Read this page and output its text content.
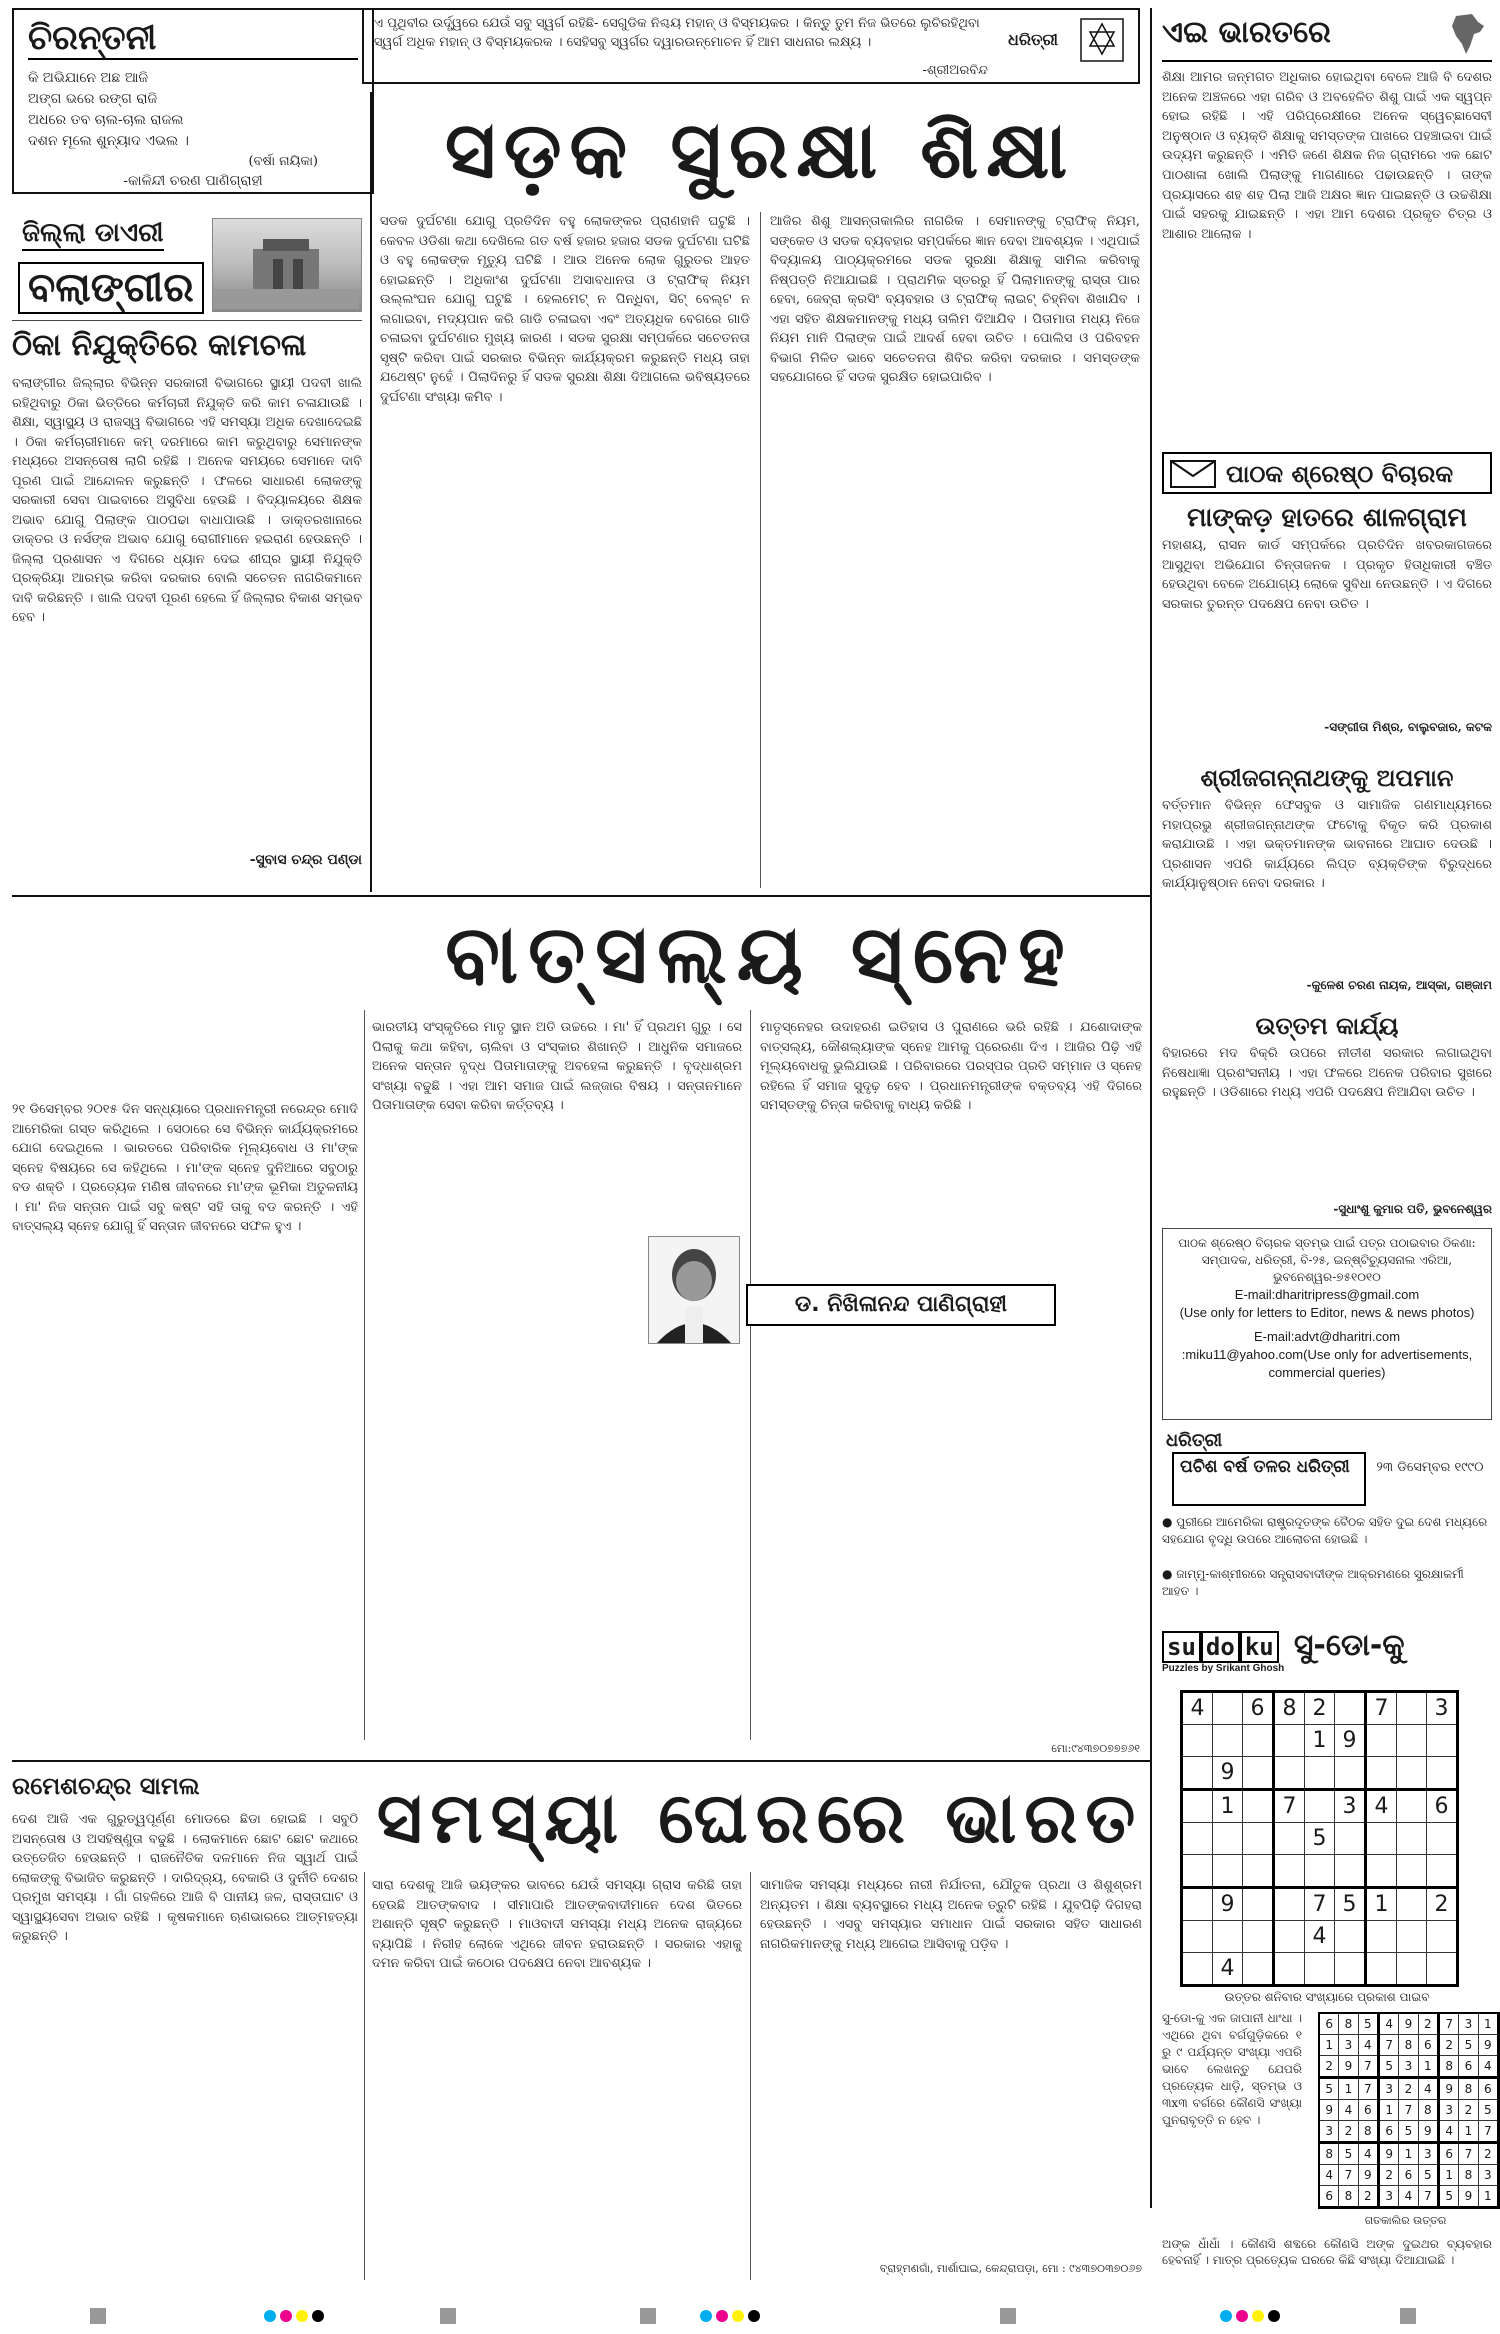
ଚିରନ୍ତନୀ
କି ଅଭିଯାନେ ଅଛ ଆଜି
ଅଙ୍ଗ ଭରେ ରଙ୍ଗ ରାଜି
ଅଧରେ ତବ ଚାଲ-ଚାଲ ରାଜଲ
ଦଶନ ମୂଲେ ଶୁନ୍ୟାଦ ଏଭଲ ।
(ବର୍ଷା ନାୟିକା)
-କାଳିନ୍ଦୀ ଚରଣ ପାଣିଗ୍ରାହୀ
ଏ ପୃଥିବୀର ଉର୍ଦ୍ଧ୍ୱରେ ଯେଉଁ ସବୁ ସ୍ୱର୍ଗ ରହିଛି- ସେଗୁଡିକ ନିଶ୍ଚୟ ମହାନ୍ ଓ ବିସ୍ମୟକର । କିନ୍ତୁ ତୁମ ନିଜ ଭିତରେ ଲୁଚିରହିଥିବା ସ୍ୱର୍ଗ ଅଧିକ ମହାନ୍ ଓ ବିସ୍ମୟକରକ । ସେହିସବୁ ସ୍ୱର୍ଗର ଦ୍ୱାରଉନ୍ମୋଚନ ହିଁ ଆମ ସାଧନାର ଲକ୍ଷ୍ୟ ।
-ଶ୍ରୀଅରବିନ୍ଦ
ଧରିତ୍ରୀ	ଏଇ ଭାରତରେ
ଶିକ୍ଷା ଆମର ଜନ୍ମଗତ ଅଧିକାର ହୋଇଥିବା ବେଳେ ଆଜି ବି ଦେଶର ଅନେକ ଅଞ୍ଚଳରେ ଏହା ଗରିବ ଓ ଅବହେଳିତ ଶିଶୁ ପାଇଁ ଏକ ସ୍ୱପ୍ନ ହୋଇ ରହିଛି । ଏହି ପରିପ୍ରେକ୍ଷୀରେ ଅନେକ ସ୍ୱେଚ୍ଛାସେବୀ ଅନୁଷ୍ଠାନ ଓ ବ୍ୟକ୍ତି ଶିକ୍ଷାକୁ ସମସ୍ତଙ୍କ ପାଖରେ ପହଞ୍ଚାଇବା ପାଇଁ ଉଦ୍ୟମ କରୁଛନ୍ତି । ଏମିତି ଜଣେ ଶିକ୍ଷକ ନିଜ ଗ୍ରାମରେ ଏକ ଛୋଟ ପାଠଶାଳା ଖୋଲି ପିଲାଙ୍କୁ ମାଗଣାରେ ପଢାଉଛନ୍ତି । ତାଙ୍କ ପ୍ରୟାସରେ ଶହ ଶହ ପିଲା ଆଜି ଅକ୍ଷର ଜ୍ଞାନ ପାଇଛନ୍ତି ଓ ଉଚ୍ଚଶିକ୍ଷା ପାଇଁ ସହରକୁ ଯାଇଛନ୍ତି । ଏହା ଆମ ଦେଶର ପ୍ରକୃତ ଚିତ୍ର ଓ ଆଶାର ଆଲୋକ ।
ଜିଲ୍ଲା ଡାଏରୀ
ବଲାଙ୍ଗୀର
ଠିକା ନିଯୁକ୍ତିରେ କାମଚଳା
ବଲାଙ୍ଗୀର ଜିଲ୍ଲାର ବିଭିନ୍ନ ସରକାରୀ ବିଭାଗରେ ସ୍ଥାୟୀ ପଦବୀ ଖାଲି ରହିଥିବାରୁ ଠିକା ଭିତ୍ତିରେ କର୍ମଚାରୀ ନିଯୁକ୍ତି କରି କାମ ଚଳାଯାଉଛି । ଶିକ୍ଷା, ସ୍ୱାସ୍ଥ୍ୟ ଓ ରାଜସ୍ୱ ବିଭାଗରେ ଏହି ସମସ୍ୟା ଅଧିକ ଦେଖାଦେଇଛି । ଠିକା କର୍ମଚାରୀମାନେ କମ୍ ଦରମାରେ କାମ କରୁଥିବାରୁ ସେମାନଙ୍କ ମଧ୍ୟରେ ଅସନ୍ତୋଷ ଲାଗି ରହିଛି । ଅନେକ ସମୟରେ ସେମାନେ ଦାବି ପୂରଣ ପାଇଁ ଆନ୍ଦୋଳନ କରୁଛନ୍ତି । ଫଳରେ ସାଧାରଣ ଲୋକଙ୍କୁ ସରକାରୀ ସେବା ପାଇବାରେ ଅସୁବିଧା ହେଉଛି । ବିଦ୍ୟାଳୟରେ ଶିକ୍ଷକ ଅଭାବ ଯୋଗୁ ପିଲାଙ୍କ ପାଠପଢା ବାଧାପାଉଛି । ଡାକ୍ତରଖାନାରେ ଡାକ୍ତର ଓ ନର୍ସଙ୍କ ଅଭାବ ଯୋଗୁ ରୋଗୀମାନେ ହଇରାଣ ହେଉଛନ୍ତି । ଜିଲ୍ଲା ପ୍ରଶାସନ ଏ ଦିଗରେ ଧ୍ୟାନ ଦେଇ ଶୀଘ୍ର ସ୍ଥାୟୀ ନିଯୁକ୍ତି ପ୍ରକ୍ରିୟା ଆରମ୍ଭ କରିବା ଦରକାର ବୋଲି ସଚେତନ ନାଗରିକମାନେ ଦାବି କରିଛନ୍ତି । ଖାଲି ପଦବୀ ପୂରଣ ହେଲେ ହିଁ ଜିଲ୍ଲାର ବିକାଶ ସମ୍ଭବ ହେବ ।
-ସୁବାସ ଚନ୍ଦ୍ର ପଣ୍ଡା
ସଡ଼କ ସୁରକ୍ଷା ଶିକ୍ଷା
ସଡକ ଦୁର୍ଘଟଣା ଯୋଗୁ ପ୍ରତିଦିନ ବହୁ ଲୋକଙ୍କର ପ୍ରାଣହାନି ଘଟୁଛି । କେବଳ ଓଡିଶା କଥା ଦେଖିଲେ ଗତ ବର୍ଷ ହଜାର ହଜାର ସଡକ ଦୁର୍ଘଟଣା ଘଟିଛି ଓ ବହୁ ଲୋକଙ୍କ ମୃତ୍ୟୁ ଘଟିଛି । ଆଉ ଅନେକ ଲୋକ ଗୁରୁତର ଆହତ ହୋଇଛନ୍ତି । ଅଧିକାଂଶ ଦୁର୍ଘଟଣା ଅସାବଧାନତା ଓ ଟ୍ରାଫିକ୍ ନିୟମ ଉଲ୍ଲଂଘନ ଯୋଗୁ ଘଟୁଛି । ହେଲମେଟ୍ ନ ପିନ୍ଧିବା, ସିଟ୍ ବେଲ୍ଟ ନ ଲଗାଇବା, ମଦ୍ୟପାନ କରି ଗାଡି ଚଳାଇବା ଏବଂ ଅତ୍ୟଧିକ ବେଗରେ ଗାଡି ଚଳାଇବା ଦୁର୍ଘଟଣାର ମୁଖ୍ୟ କାରଣ । ସଡକ ସୁରକ୍ଷା ସମ୍ପର୍କରେ ସଚେତନତା ସୃଷ୍ଟି କରିବା ପାଇଁ ସରକାର ବିଭିନ୍ନ କାର୍ଯ୍ୟକ୍ରମ କରୁଛନ୍ତି ମଧ୍ୟ ତାହା ଯଥେଷ୍ଟ ନୁହେଁ । ପିଲାଦିନରୁ ହିଁ ସଡକ ସୁରକ୍ଷା ଶିକ୍ଷା ଦିଆଗଲେ ଭବିଷ୍ୟତରେ ଦୁର୍ଘଟଣା ସଂଖ୍ୟା କମିବ ।
ଆଜିର ଶିଶୁ ଆସନ୍ତାକାଲିର ନାଗରିକ । ସେମାନଙ୍କୁ ଟ୍ରାଫିକ୍ ନିୟମ, ସଙ୍କେତ ଓ ସଡକ ବ୍ୟବହାର ସମ୍ପର୍କରେ ଜ୍ଞାନ ଦେବା ଆବଶ୍ୟକ । ଏଥିପାଇଁ ବିଦ୍ୟାଳୟ ପାଠ୍ୟକ୍ରମରେ ସଡକ ସୁରକ୍ଷା ଶିକ୍ଷାକୁ ସାମିଲ କରିବାକୁ ନିଷ୍ପତ୍ତି ନିଆଯାଇଛି । ପ୍ରାଥମିକ ସ୍ତରରୁ ହିଁ ପିଲାମାନଙ୍କୁ ରାସ୍ତା ପାର ହେବା, ଜେବ୍ରା କ୍ରସିଂ ବ୍ୟବହାର ଓ ଟ୍ରାଫିକ୍ ଲାଇଟ୍ ଚିହ୍ନିବା ଶିଖାଯିବ । ଏହା ସହିତ ଶିକ୍ଷକମାନଙ୍କୁ ମଧ୍ୟ ତାଲିମ ଦିଆଯିବ । ପିତାମାତା ମଧ୍ୟ ନିଜେ ନିୟମ ମାନି ପିଲାଙ୍କ ପାଇଁ ଆଦର୍ଶ ହେବା ଉଚିତ । ପୋଲିସ ଓ ପରିବହନ ବିଭାଗ ମିଳିତ ଭାବେ ସଚେତନତା ଶିବିର କରିବା ଦରକାର । ସମସ୍ତଙ୍କ ସହଯୋଗରେ ହିଁ ସଡକ ସୁରକ୍ଷିତ ହୋଇପାରିବ ।
ପାଠକ ଶ୍ରେଷ୍ଠ ବିଚାରକ
ମାଙ୍କଡ଼ ହାତରେ ଶାଳଗ୍ରାମ
ମହାଶୟ, ରାସନ କାର୍ଡ ସମ୍ପର୍କରେ ପ୍ରତିଦିନ ଖବରକାଗଜରେ ଆସୁଥିବା ଅଭିଯୋଗ ଚିନ୍ତାଜନକ । ପ୍ରକୃତ ହିତାଧିକାରୀ ବଞ୍ଚିତ ହେଉଥିବା ବେଳେ ଅଯୋଗ୍ୟ ଲୋକେ ସୁବିଧା ନେଉଛନ୍ତି । ଏ ଦିଗରେ ସରକାର ତୁରନ୍ତ ପଦକ୍ଷେପ ନେବା ଉଚିତ ।
-ସଙ୍ଗୀତା ମିଶ୍ର, ବାଲୁବଜାର, କଟକ
ଶ୍ରୀଜଗନ୍ନାଥଙ୍କୁ ଅପମାନ
ବର୍ତ୍ତମାନ ବିଭିନ୍ନ ଫେସବୁକ ଓ ସାମାଜିକ ଗଣମାଧ୍ୟମରେ ମହାପ୍ରଭୁ ଶ୍ରୀଜଗନ୍ନାଥଙ୍କ ଫଟୋକୁ ବିକୃତ କରି ପ୍ରକାଶ କରାଯାଉଛି । ଏହା ଭକ୍ତମାନଙ୍କ ଭାବନାରେ ଆଘାତ ଦେଉଛି । ପ୍ରଶାସନ ଏପରି କାର୍ଯ୍ୟରେ ଲିପ୍ତ ବ୍ୟକ୍ତିଙ୍କ ବିରୁଦ୍ଧରେ କାର୍ଯ୍ୟାନୁଷ୍ଠାନ ନେବା ଦରକାର ।
-କୁଳେଶ ଚରଣ ନାୟକ, ଆସ୍କା, ଗଞ୍ଜାମ
ଉତ୍ତମ କାର୍ଯ୍ୟ
ବିହାରରେ ମଦ ବିକ୍ରି ଉପରେ ନୀତୀଶ ସରକାର ଲଗାଇଥିବା ନିଷେଧାଜ୍ଞା ପ୍ରଶଂସନୀୟ । ଏହା ଫଳରେ ଅନେକ ପରିବାର ସୁଖରେ ରହୁଛନ୍ତି । ଓଡିଶାରେ ମଧ୍ୟ ଏପରି ପଦକ୍ଷେପ ନିଆଯିବା ଉଚିତ ।
-ସୁଧାଂଶୁ କୁମାର ପତି, ଭୁବନେଶ୍ୱର
ପାଠକ ଶ୍ରେଷ୍ଠ ବିଚାରକ ସ୍ତମ୍ଭ ପାଇଁ ପତ୍ର ପଠାଇବାର ଠିକଣା:
ସମ୍ପାଦକ, ଧରିତ୍ରୀ, ବି-୨୫, ଇନ୍‌ଷ୍ଟିଚ୍ୟୁସନାଲ ଏରିଆ, ଭୁବନେଶ୍ୱର-୭୫୧୦୧୦
E-mail:dharitripress@gmail.com
(Use only for letters to Editor, news & news photos)
E-mail:advt@dharitri.com
:miku11@yahoo.com(Use only for advertisements, commercial queries)
ଧରିତ୍ରୀ
ପଚିଶ ବର୍ଷ ତଳର ଧରିତ୍ରୀ	୨୩ ଡିସେମ୍ବର ୧୯୯୦
● ପୁରୀରେ ଆମେରିକା ରାଷ୍ଟ୍ରଦୂତଙ୍କ ବୈଠକ ସହିତ ଦୁଇ ଦେଶ ମଧ୍ୟରେ ସହଯୋଗ ବୃଦ୍ଧି ଉପରେ ଆଲୋଚନା ହୋଇଛି ।
● ଜାମ୍ମୁ-କାଶ୍ମୀରରେ ସନ୍ତ୍ରାସବାଦୀଙ୍କ ଆକ୍ରମଣରେ ସୁରକ୍ଷାକର୍ମୀ ଆହତ ।
su do ku ସୁ-ଡୋ-କୁ
Puzzles by Srikant Ghosh
4		6	8	2		7		3
				1	9			
	9							
	1		7		3	4		6
				5				

	9			7	5	1		2
				4				
	4							
ଉତ୍ତର ଶନିବାର ସଂଖ୍ୟାରେ ପ୍ରକାଶ ପାଇବ
ସୁ-ଡୋ-କୁ ଏକ ଜାପାନୀ ଧାଂଧା । ଏଥିରେ ଥିବା ବର୍ଗଗୁଡ଼ିକରେ ୧ ରୁ ୯ ପର୍ଯ୍ୟନ୍ତ ସଂଖ୍ୟା ଏପରି ଭାବେ ଲେଖନ୍ତୁ ଯେପରି ପ୍ରତ୍ୟେକ ଧାଡ଼ି, ସ୍ତମ୍ଭ ଓ ୩x୩ ବର୍ଗରେ କୌଣସି ସଂଖ୍ୟା ପୁନରାବୃତ୍ତି ନ ହେବ ।
6	8	5	4	9	2	7	3	1
1	3	4	7	8	6	2	5	9
2	9	7	5	3	1	8	6	4
5	1	7	3	2	4	9	8	6
9	4	6	1	7	8	3	2	5
3	2	8	6	5	9	4	1	7
8	5	4	9	1	3	6	7	2
4	7	9	2	6	5	1	8	3
6	8	2	3	4	7	5	9	1
ଗତକାଲିର ଉତ୍ତର
ଅଙ୍କ ଧାଁଧାଁ । କୌଣସି ଶବ୍ଦରେ କୌଣସି ଅଙ୍କ ଦୁଇଥର ବ୍ୟବହାର ହେବନାହିଁ । ମାତ୍ର ପ୍ରତ୍ୟେକ ଘରରେ କିଛି ସଂଖ୍ୟା ଦିଆଯାଇଛି ।
ବାତ୍ସଲ୍ୟ ସ୍ନେହ
୨୧ ଡିସେମ୍ବର ୨୦୧୫ ଦିନ ସନ୍ଧ୍ୟାରେ ପ୍ରଧାନମନ୍ତ୍ରୀ ନରେନ୍ଦ୍ର ମୋଦି ଆମେରିକା ଗସ୍ତ କରିଥିଲେ । ସେଠାରେ ସେ ବିଭିନ୍ନ କାର୍ଯ୍ୟକ୍ରମରେ ଯୋଗ ଦେଇଥିଲେ । ଭାରତରେ ପରିବାରିକ ମୂଲ୍ୟବୋଧ ଓ ମା'ଙ୍କ ସ୍ନେହ ବିଷୟରେ ସେ କହିଥିଲେ । ମା'ଙ୍କ ସ୍ନେହ ଦୁନିଆରେ ସବୁଠାରୁ ବଡ ଶକ୍ତି । ପ୍ରତ୍ୟେକ ମଣିଷ ଜୀବନରେ ମା'ଙ୍କ ଭୂମିକା ଅତୁଳନୀୟ । ମା' ନିଜ ସନ୍ତାନ ପାଇଁ ସବୁ କଷ୍ଟ ସହି ତାକୁ ବଡ କରନ୍ତି । ଏହି ବାତ୍ସଲ୍ୟ ସ୍ନେହ ଯୋଗୁ ହିଁ ସନ୍ତାନ ଜୀବନରେ ସଫଳ ହୁଏ ।
ଭାରତୀୟ ସଂସ୍କୃତିରେ ମାତୃ ସ୍ଥାନ ଅତି ଉଚ୍ଚରେ । ମା' ହିଁ ପ୍ରଥମ ଗୁରୁ । ସେ ପିଲାକୁ କଥା କହିବା, ଚାଲିବା ଓ ସଂସ୍କାର ଶିଖାନ୍ତି । ଆଧୁନିକ ସମାଜରେ ଅନେକ ସନ୍ତାନ ବୃଦ୍ଧ ପିତାମାତାଙ୍କୁ ଅବହେଳା କରୁଛନ୍ତି । ବୃଦ୍ଧାଶ୍ରମ ସଂଖ୍ୟା ବଢୁଛି । ଏହା ଆମ ସମାଜ ପାଇଁ ଲଜ୍ଜାର ବିଷୟ । ସନ୍ତାନମାନେ ପିତାମାତାଙ୍କ ସେବା କରିବା କର୍ତ୍ତବ୍ୟ ।
ମାତୃସ୍ନେହର ଉଦାହରଣ ଇତିହାସ ଓ ପୁରାଣରେ ଭରି ରହିଛି । ଯଶୋଦାଙ୍କ ବାତ୍ସଲ୍ୟ, କୌଶଲ୍ୟାଙ୍କ ସ୍ନେହ ଆମକୁ ପ୍ରେରଣା ଦିଏ । ଆଜିର ପିଢ଼ି ଏହି ମୂଲ୍ୟବୋଧକୁ ଭୁଲିଯାଉଛି । ପରିବାରରେ ପରସ୍ପର ପ୍ରତି ସମ୍ମାନ ଓ ସ୍ନେହ ରହିଲେ ହିଁ ସମାଜ ସୁଦୃଢ଼ ହେବ । ପ୍ରଧାନମନ୍ତ୍ରୀଙ୍କ ବକ୍ତବ୍ୟ ଏହି ଦିଗରେ ସମସ୍ତଙ୍କୁ ଚିନ୍ତା କରିବାକୁ ବାଧ୍ୟ କରିଛି ।
ଡ. ନିଖିଳାନନ୍ଦ ପାଣିଗ୍ରାହୀ
ମୋ:୯୪୩୭୦୭୭୭୬୧
ରମେଶଚନ୍ଦ୍ର ସାମଲ	ସମସ୍ୟା ଘେରରେ ଭାରତ
ଦେଶ ଆଜି ଏକ ଗୁରୁତ୍ୱପୂର୍ଣ୍ଣ ମୋଡରେ ଛିଡା ହୋଇଛି । ସବୁଠି ଅସନ୍ତୋଷ ଓ ଅସହିଷ୍ଣୁତା ବଢୁଛି । ଲୋକମାନେ ଛୋଟ ଛୋଟ କଥାରେ ଉତ୍ତେଜିତ ହେଉଛନ୍ତି । ରାଜନୈତିକ ଦଳମାନେ ନିଜ ସ୍ୱାର୍ଥ ପାଇଁ ଲୋକଙ୍କୁ ବିଭାଜିତ କରୁଛନ୍ତି । ଦାରିଦ୍ର୍ୟ, ବେକାରି ଓ ଦୁର୍ନୀତି ଦେଶର ପ୍ରମୁଖ ସମସ୍ୟା । ଗାଁ ଗହଳିରେ ଆଜି ବି ପାନୀୟ ଜଳ, ରାସ୍ତାଘାଟ ଓ ସ୍ୱାସ୍ଥ୍ୟସେବା ଅଭାବ ରହିଛି । କୃଷକମାନେ ଋଣଭାରରେ ଆତ୍ମହତ୍ୟା କରୁଛନ୍ତି ।
ସାରା ଦେଶକୁ ଆଜି ଭୟଙ୍କର ଭାବରେ ଯେଉଁ ସମସ୍ୟା ଗ୍ରାସ କରିଛି ତାହା ହେଉଛି ଆତଙ୍କବାଦ । ସୀମାପାରି ଆତଙ୍କବାଦୀମାନେ ଦେଶ ଭିତରେ ଅଶାନ୍ତି ସୃଷ୍ଟି କରୁଛନ୍ତି । ମାଓବାଦୀ ସମସ୍ୟା ମଧ୍ୟ ଅନେକ ରାଜ୍ୟରେ ବ୍ୟାପିଛି । ନିରୀହ ଲୋକେ ଏଥିରେ ଜୀବନ ହରାଉଛନ୍ତି । ସରକାର ଏହାକୁ ଦମନ କରିବା ପାଇଁ କଠୋର ପଦକ୍ଷେପ ନେବା ଆବଶ୍ୟକ ।
ସାମାଜିକ ସମସ୍ୟା ମଧ୍ୟରେ ନାରୀ ନିର୍ଯାତନା, ଯୌତୁକ ପ୍ରଥା ଓ ଶିଶୁଶ୍ରମ ଅନ୍ୟତମ । ଶିକ୍ଷା ବ୍ୟବସ୍ଥାରେ ମଧ୍ୟ ଅନେକ ତ୍ରୁଟି ରହିଛି । ଯୁବପିଢ଼ି ଦିଗହରା ହେଉଛନ୍ତି । ଏସବୁ ସମସ୍ୟାର ସମାଧାନ ପାଇଁ ସରକାର ସହିତ ସାଧାରଣ ନାଗରିକମାନଙ୍କୁ ମଧ୍ୟ ଆଗେଇ ଆସିବାକୁ ପଡ଼ିବ ।
ବ୍ରାହ୍ମଣଗାଁ, ମାର୍ଶାଘାଇ, କେନ୍ଦ୍ରାପଡ଼ା, ମୋ : ୯୪୩୭୦୩୭୦୬୭
